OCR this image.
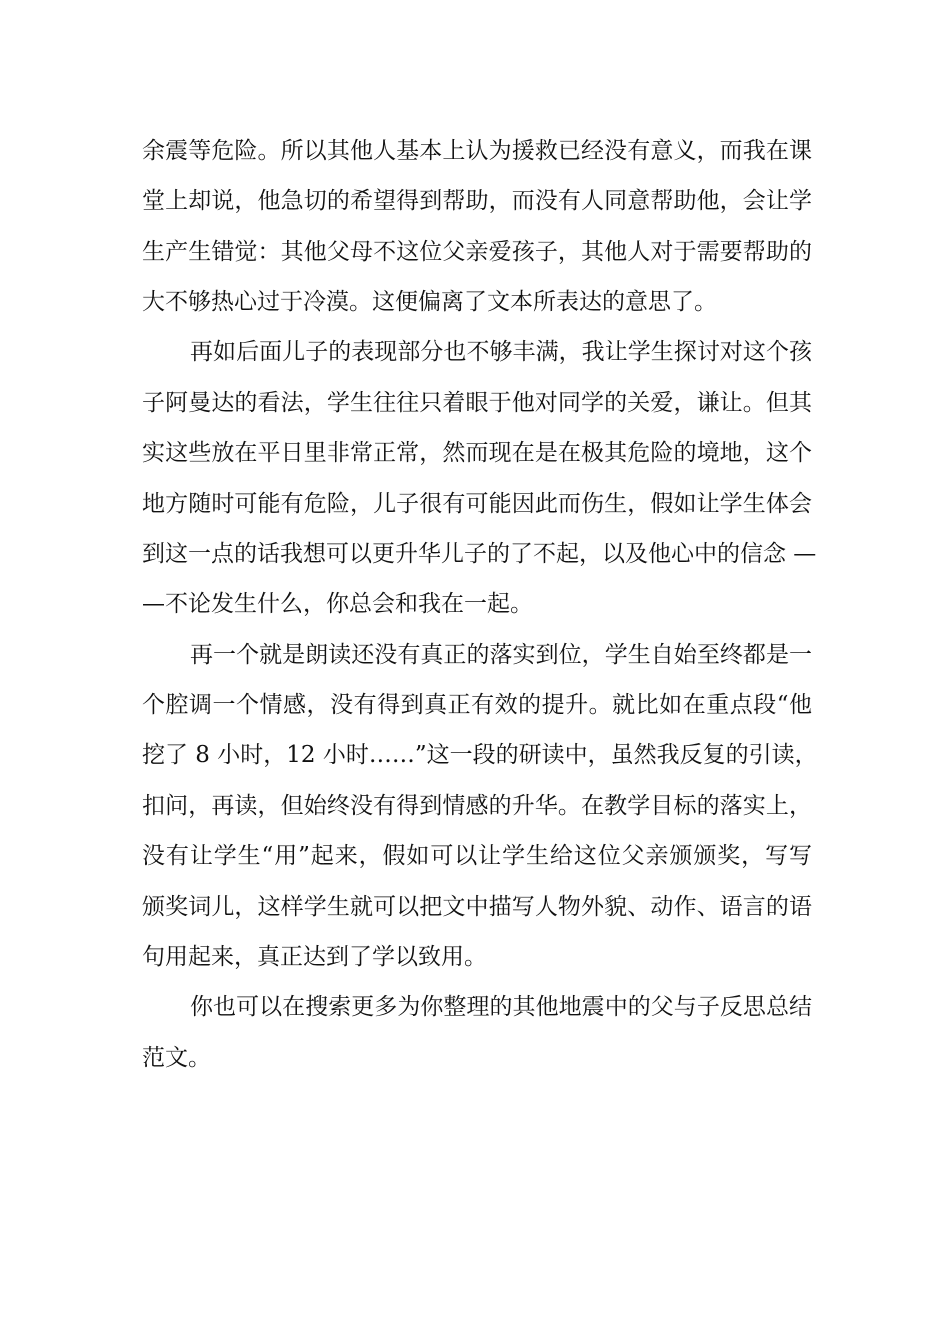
余震等危险。所以其他人基本上认为援救已经没有意义，而我在课
堂上却说，他急切的希望得到帮助，而没有人同意帮助他，会让学
生产生错觉：其他父母不这位父亲爱孩子，其他人对于需要帮助的
大不够热心过于冷漠。这便偏离了文本所表达的意思了。
再如后面儿子的表现部分也不够丰满，我让学生探讨对这个孩
子阿曼达的看法，学生往往只着眼于他对同学的关爱，谦让。但其
实这些放在平日里非常正常，然而现在是在极其危险的境地，这个
地方随时可能有危险，儿子很有可能因此而伤生，假如让学生体会
到这一点的话我想可以更升华儿子的了不起，以及他心中的信念 —
—不论发生什么，你总会和我在一起。
再一个就是朗读还没有真正的落实到位，学生自始至终都是一
个腔调一个情感，没有得到真正有效的提升。就比如在重点段“他
挖了 8 小时，12 小时……”这一段的研读中，虽然我反复的引读，
扣问，再读，但始终没有得到情感的升华。在教学目标的落实上，
没有让学生“用”起来，假如可以让学生给这位父亲颁颁奖，写写
颁奖词儿，这样学生就可以把文中描写人物外貌、动作、语言的语
句用起来，真正达到了学以致用。
你也可以在搜索更多为你整理的其他地震中的父与子反思总结
范文。
